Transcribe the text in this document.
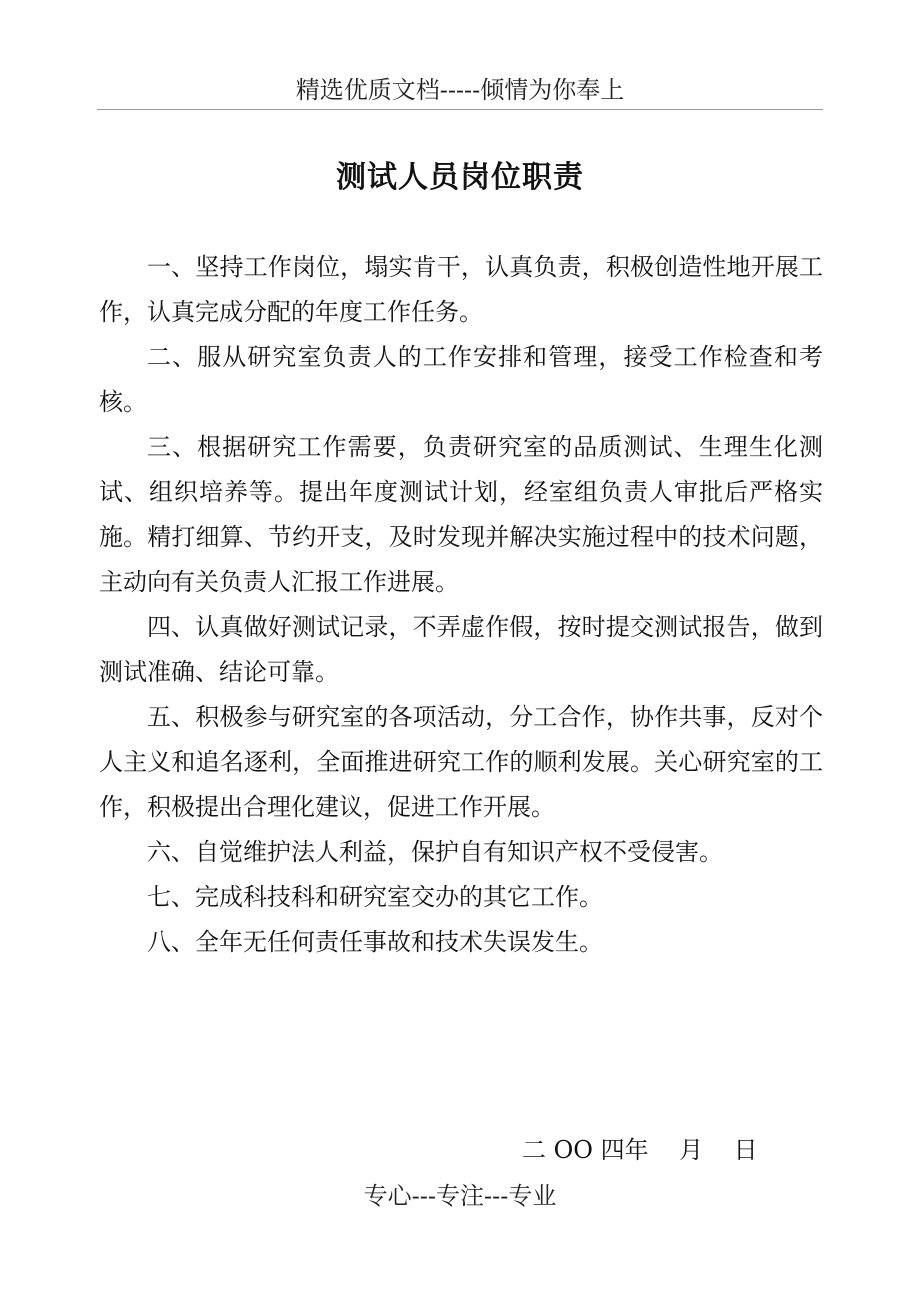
精选优质文档-----倾情为你奉上
测试人员岗位职责

一、坚持工作岗位，塌实肯干，认真负责，积极创造性地开展工作，认真完成分配的年度工作任务。

二、服从研究室负责人的工作安排和管理，接受工作检查和考核。

三、根据研究工作需要，负责研究室的品质测试、生理生化测试、组织培养等。提出年度测试计划，经室组负责人审批后严格实施。精打细算、节约开支，及时发现并解决实施过程中的技术问题，主动向有关负责人汇报工作进展。

四、认真做好测试记录，不弄虚作假，按时提交测试报告，做到测试准确、结论可靠。

五、积极参与研究室的各项活动，分工合作，协作共事，反对个人主义和追名逐利，全面推进研究工作的顺利发展。关心研究室的工作，积极提出合理化建议，促进工作开展。

六、自觉维护法人利益，保护自有知识产权不受侵害。

七、完成科技科和研究室交办的其它工作。

八、全年无任何责任事故和技术失误发生。

二 OO 四年    月    日
专心---专注---专业
